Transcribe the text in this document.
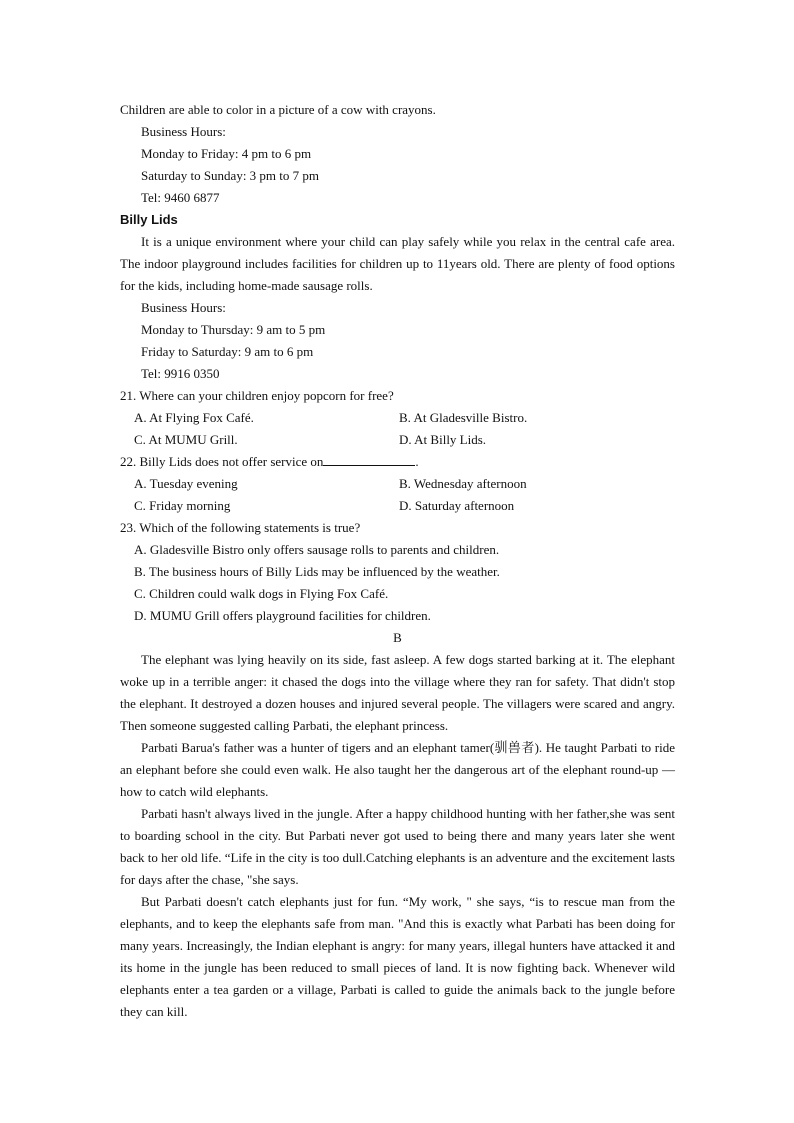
Children are able to color in a picture of a cow with crayons.
Business Hours:
Monday to Friday: 4 pm to 6 pm
Saturday to Sunday: 3 pm to 7 pm
Tel: 9460 6877
Billy Lids
It is a unique environment where your child can play safely while you relax in the central cafe area. The indoor playground includes facilities for children up to 11years old. There are plenty of food options for the kids, including home-made sausage rolls.
Business Hours:
Monday to Thursday: 9 am to 5 pm
Friday to Saturday: 9 am to 6 pm
Tel: 9916 0350
21. Where can your children enjoy popcorn for free?
A. At Flying Fox Café.	B. At Gladesville Bistro.
C. At MUMU Grill.	D. At Billy Lids.
22. Billy Lids does not offer service on	.
A. Tuesday evening	B. Wednesday afternoon
C. Friday morning	D. Saturday afternoon
23. Which of the following statements is true?
A. Gladesville Bistro only offers sausage rolls to parents and children.
B. The business hours of Billy Lids may be influenced by the weather.
C. Children could walk dogs in Flying Fox Café.
D. MUMU Grill offers playground facilities for children.
B
The elephant was lying heavily on its side, fast asleep. A few dogs started barking at it. The elephant woke up in a terrible anger: it chased the dogs into the village where they ran for safety. That didn't stop the elephant. It destroyed a dozen houses and injured several people. The villagers were scared and angry. Then someone suggested calling Parbati, the elephant princess.
Parbati Barua's father was a hunter of tigers and an elephant tamer(驯兽者). He taught Parbati to ride an elephant before she could even walk. He also taught her the dangerous art of the elephant round-up — how to catch wild elephants.
Parbati hasn't always lived in the jungle. After a happy childhood hunting with her father,she was sent to boarding school in the city. But Parbati never got used to being there and many years later she went back to her old life. “Life in the city is too dull.Catching elephants is an adventure and the excitement lasts for days after the chase, "she says.
But Parbati doesn't catch elephants just for fun. “My work, " she says, “is to rescue man from the elephants, and to keep the elephants safe from man. "And this is exactly what Parbati has been doing for many years. Increasingly, the Indian elephant is angry: for many years, illegal hunters have attacked it and its home in the jungle has been reduced to small pieces of land. It is now fighting back. Whenever wild elephants enter a tea garden or a village, Parbati is called to guide the animals back to the jungle before they can kill.
